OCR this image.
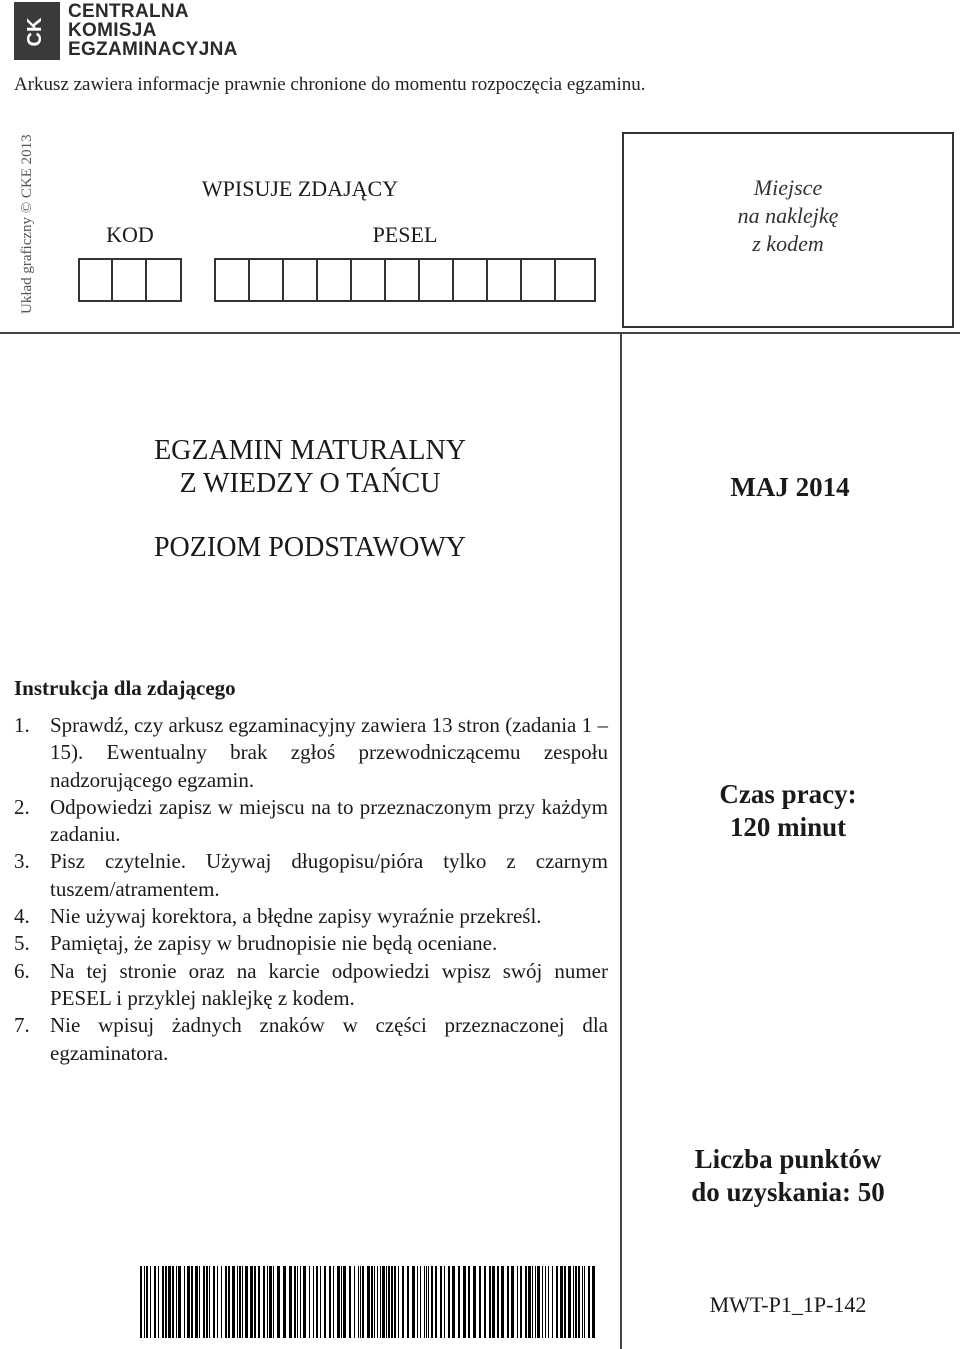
CK
CENTRALNA
KOMISJA
EGZAMINACYJNA
Arkusz zawiera informacje prawnie chronione do momentu rozpoczęcia egzaminu.
Układ graficzny © CKE 2013	WPISUJE ZDAJĄCY
KOD	PESEL
Miejsce
na naklejkę
z kodem
EGZAMIN MATURALNY
Z WIEDZY O TAŃCU
POZIOM PODSTAWOWY
MAJ 2014
Instrukcja dla zdającego
1. Sprawdź, czy arkusz egzaminacyjny zawiera 13 stron (zadania 1 – 15). Ewentualny brak zgłoś przewodniczącemu zespołu nadzorującego egzamin.
2. Odpowiedzi zapisz w miejscu na to przeznaczonym przy każdym zadaniu.
3. Pisz czytelnie. Używaj długopisu/pióra tylko z czarnym tuszem/atramentem.
4. Nie używaj korektora, a błędne zapisy wyraźnie przekreśl.
5. Pamiętaj, że zapisy w brudnopisie nie będą oceniane.
6. Na tej stronie oraz na karcie odpowiedzi wpisz swój numer PESEL i przyklej naklejkę z kodem.
7. Nie wpisuj żadnych znaków w części przeznaczonej dla egzaminatora.
Czas pracy:
120 minut
Liczba punktów
do uzyskania: 50
MWT-P1_1P-142
